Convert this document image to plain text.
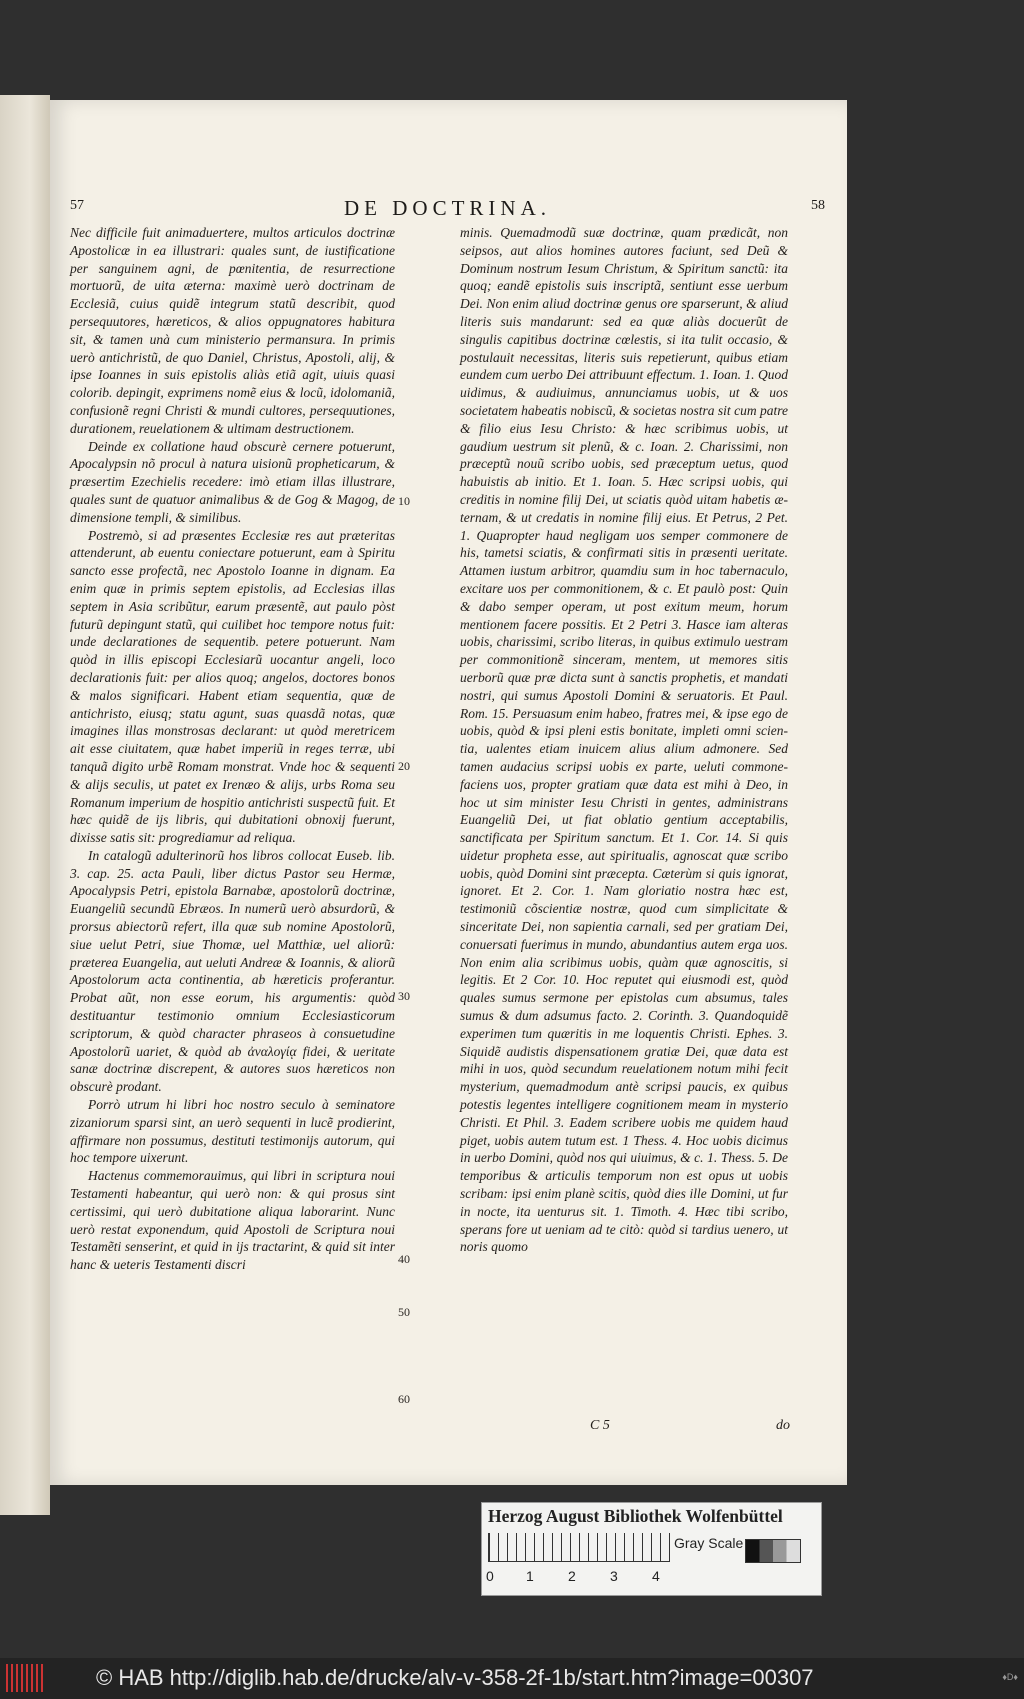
57	DE DOCTRINA.	58

Nec difficile fuit animaduertere, multos articulos doctrinæ Apostolicæ in ea illustrari: quales sunt, de iustificatione per sanguinem agni, de pœnitentia, de resurrectione mortuorũ, de uita æterna: maximè uerò doctrinam de Ecclesiã, cuius quidẽ integrum statũ describit, quod persequutores, hæreticos, & alios oppugnatores habitura sit, & tamen unà cum ministerio permansura. In primis uerò antichristũ, de quo Daniel, Christus, Apostoli, alij, & ipse Ioannes in suis epistolis aliàs etiã agit, uiuis quasi colorib. depingit, exprimens nomẽ eius & locũ, idolomaniã, confusionẽ regni Christi & mundi cultores, persequutiones, durationem, reuelationem & ultimam destructionem.

Deinde ex collatione haud obscurè cernere potuerunt, Apocalypsin nõ procul à natura uisionũ propheticarum, & præsertim Ezechielis recedere: imò etiam illas illustrare, quales sunt de quatuor animalibus & de Gog & Magog, de dimensione templi, & similibus.

Postremò, si ad præsentes Ecclesiæ res aut præteritas attenderunt, ab euentu coniectare potuerunt, eam à Spiritu sancto esse profectã, nec Apostolo Ioanne in dignam. Ea enim quæ in primis septem epistolis, ad Ecclesias illas septem in Asia scribũtur, earum præsentẽ, aut paulo pòst futurũ depingunt statũ, qui cuilibet hoc tempore notus fuit: unde declarationes de sequentib. petere potuerunt. Nam quòd in illis episcopi Ecclesiarũ uocantur angeli, loco declarationis fuit: per alios quoq; angelos, doctores bonos & malos significari. Habent etiam sequentia, quæ de antichristo, eiusq; statu agunt, suas quasdã notas, quæ imagines illas monstrosas declarant: ut quòd meretricem ait esse ciuitatem, quæ habet imperiũ in reges terræ, ubi tanquã digito urbẽ Romam monstrat. Vnde hoc & sequenti & alijs seculis, ut patet ex Irenæo & alijs, urbs Roma seu Romanum imperium de hospitio antichristi suspectũ fuit. Et hæc quidẽ de ijs libris, qui dubitationi obnoxij fuerunt, dixisse satis sit: progrediamur ad reliqua.

In catalogũ adulterinorũ hos libros collocat Euseb. lib. 3. cap. 25. acta Pauli, liber dictus Pastor seu Hermæ, Apocalypsis Petri, epistola Barnabæ, apostolorũ doctrinæ, Euangeliũ secundũ Ebræos. In numerũ uerò absurdorũ, & prorsus abiectorũ refert, illa quæ sub nomine Apostolorũ, siue uelut Petri, siue Thomæ, uel Matthiæ, uel aliorũ: præterea Euangelia, aut ueluti Andreæ & Ioannis, & aliorũ Apostolorum acta continentia, ab hæreticis proferantur. Probat aũt, non esse eorum, his argumentis: quòd destituantur testimonio omnium Ecclesiasticorum scriptorum, & quòd character phraseos à consuetudine Apostolorũ uariet, & quòd ab ἀναλογίᾳ fidei, & ueritate sanæ doctrinæ discrepent, & autores suos hæreticos non obscurè prodant.

Porrò utrum hi libri hoc nostro seculo à seminatore zizaniorum sparsi sint, an uerò sequenti in lucẽ prodierint, affirmare non possumus, destituti testimonijs autorum, qui hoc tempore uixerunt.

Hactenus commemorauimus, qui libri in scriptura noui Testamenti habeantur, qui uerò non: & qui prosus sint certissimi, qui uerò dubitatione aliqua laborarint. Nunc uerò restat exponendum, quid Apostoli de Scriptura noui Testamẽti senserint, et quid in ijs tractarint, & quid sit inter hanc & ueteris Testamenti discri

10
20
30
40
50
60

minis. Quemadmodũ suæ doctrinæ, quam prædicãt, non seipsos, aut alios homines autores faciunt, sed Deũ & Dominum nostrum Iesum Christum, & Spiritum sanctũ: ita quoq; eandẽ epistolis suis inscriptã, sentiunt esse uerbum Dei. Non enim aliud doctrinæ genus ore sparserunt, & aliud literis suis mandarunt: sed ea quæ aliàs docuerũt de singulis capitibus doctrinæ cœlestis, si ita tulit occasio, & postulauit necessitas, literis suis repetierunt, quibus etiam eundem cum uerbo Dei attribuunt effectum. 1. Ioan. 1. Quod uidimus, & audiuimus, annunciamus uobis, ut & uos societatem habeatis nobiscũ, & societas nostra sit cum patre & filio eius Iesu Christo: & hæc scribimus uobis, ut gaudium uestrum sit plenũ, & c. Ioan. 2. Charissimi, non præceptũ nouũ scribo uobis, sed præceptum uetus, quod habuistis ab initio. Et 1. Ioan. 5. Hæc scripsi uobis, qui creditis in nomine filij Dei, ut sciatis quòd uitam habetis æternam, & ut credatis in nomine filij eius. Et Petrus, 2 Pet. 1. Quapropter haud negligam uos semper commonere de his, tametsi sciatis, & confirmati sitis in præsenti ueritate. Attamen iustum arbitror, quamdiu sum in hoc tabernaculo, excitare uos per commonitionem, & c. Et paulò post: Quin & dabo semper operam, ut post exitum meum, horum mentionem facere possitis. Et 2 Petri 3. Hasce iam alteras uobis, charissimi, scribo literas, in quibus extimulo uestram per commonitionẽ sinceram, mentem, ut memores sitis uerborũ quæ præ dicta sunt à sanctis prophetis, et mandati nostri, qui sumus Apostoli Domini & seruatoris. Et Paul. Rom. 15. Persuasum enim habeo, fratres mei, & ipse ego de uobis, quòd & ipsi pleni estis bonitate, impleti omni scientia, ualentes etiam inuicem alius alium admonere. Sed tamen audacius scripsi uobis ex parte, ueluti commonefaciens uos, propter gratiam quæ data est mihi à Deo, in hoc ut sim minister Iesu Christi in gentes, administrans Euangeliũ Dei, ut fiat oblatio gentium acceptabilis, sanctificata per Spiritum sanctum. Et 1. Cor. 14. Si quis uidetur propheta esse, aut spiritualis, agnoscat quæ scribo uobis, quòd Domini sint præcepta. Cæterùm si quis ignorat, ignoret. Et 2. Cor. 1. Nam gloriatio nostra hæc est, testimoniũ cõscientiæ nostræ, quod cum simplicitate & sinceritate Dei, non sapientia carnali, sed per gratiam Dei, conuersati fuerimus in mundo, abundantius autem erga uos. Non enim alia scribimus uobis, quàm quæ agnoscitis, si legitis. Et 2 Cor. 10. Hoc reputet qui eiusmodi est, quòd quales sumus sermone per epistolas cum absumus, tales sumus & dum adsumus facto. 2. Corinth. 3. Quandoquidẽ experimen tum quæritis in me loquentis Christi. Ephes. 3. Siquidẽ audistis dispensationem gratiæ Dei, quæ data est mihi in uos, quòd secundum reuelationem notum mihi fecit mysterium, quemadmodum antè scripsi paucis, ex quibus potestis legentes intelligere cognitionem meam in mysterio Christi. Et Phil. 3. Eadem scribere uobis me quidem haud piget, uobis autem tutum est. 1 Thess. 4. Hoc uobis dicimus in uerbo Domini, quòd nos qui uiuimus, & c. 1. Thess. 5. De temporibus & articulis temporum non est opus ut uobis scribam: ipsi enim planè scitis, quòd dies ille Domini, ut fur in nocte, ita uenturus sit. 1. Timoth. 4. Hæc tibi scribo, sperans fore ut ueniam ad te citò: quòd si tardius uenero, ut noris quomo

C 5	do
Herzog August Bibliothek Wolfenbüttel
0 1 2 3 4
Gray Scale
© HAB http://diglib.hab.de/drucke/alv-v-358-2f-1b/start.htm?image=00307	♦D♦
